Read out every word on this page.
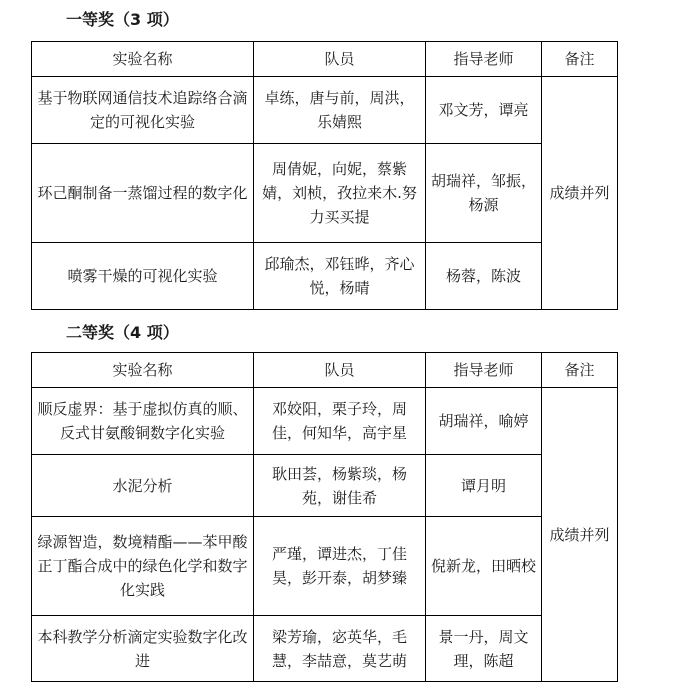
一等奖（3 项）
实验名称	队员	指导老师	备注
基于物联网通信技术追踪络合滴定的可视化实验	卓练，唐与前，周洪，乐婧熙	邓文芳，谭亮	成绩并列
环己酮制备一蒸馏过程的数字化	周倩妮，向妮，蔡紫婧，刘桢，孜拉来木.努力买买提	胡瑞祥，邹振，杨源	
喷雾干燥的可视化实验	邱瑜杰，邓钰晔，齐心悦，杨晴	杨蓉，陈波	
二等奖（4 项）
实验名称	队员	指导老师	备注
顺反虚界：基于虚拟仿真的顺、反式甘氨酸铜数字化实验	邓姣阳，栗子玲，周佳，何知华，高宇星	胡瑞祥，喻婷	成绩并列
水泥分析	耿田荟，杨紫琰，杨苑，谢佳希	谭月明	
绿源智造，数境精酯——苯甲酸正丁酯合成中的绿色化学和数字化实践	严瑾，谭进杰，丁佳昊，彭开泰，胡梦臻	倪新龙，田晒校	
本科教学分析滴定实验数字化改进	梁芳瑜，宓英华，毛慧，李喆意，莫艺萌	景一丹，周文理，陈超	
